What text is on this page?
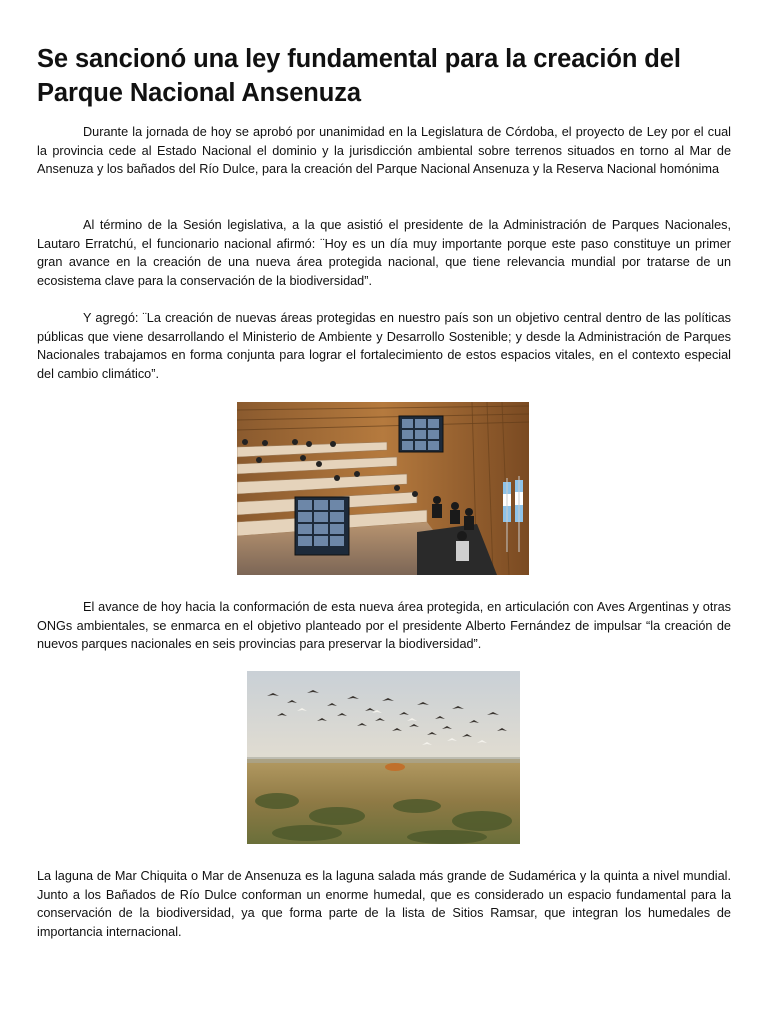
Se sancionó una ley fundamental para la creación del Parque Nacional Ansenuza

Durante la jornada de hoy se aprobó por unanimidad en la Legislatura de Córdoba, el proyecto de Ley por el cual la provincia cede al Estado Nacional el dominio y la jurisdicción ambiental sobre terrenos situados en torno al Mar de Ansenuza y los bañados del Río Dulce, para la creación del Parque Nacional Ansenuza y la Reserva Nacional homónima

Al término de la Sesión legislativa, a la que asistió el presidente de la Administración de Parques Nacionales, Lautaro Erratchú, el funcionario nacional afirmó: ¨Hoy es un día muy importante porque este paso constituye un primer gran avance en la creación de una nueva área protegida nacional, que tiene relevancia mundial por tratarse de un ecosistema clave para la conservación de la biodiversidad”.

Y agregó: ¨La creación de nuevas áreas protegidas en nuestro país son un objetivo central dentro de las políticas públicas que viene desarrollando el Ministerio de Ambiente y Desarrollo Sostenible; y desde la Administración de Parques Nacionales trabajamos en forma conjunta para lograr el fortalecimiento de estos espacios vitales, en el contexto especial del cambio climático”.

El avance de hoy hacia la conformación de esta nueva área protegida, en articulación con Aves Argentinas y otras ONGs ambientales, se enmarca en el objetivo planteado por el presidente Alberto Fernández de impulsar “la creación de nuevos parques nacionales en seis provincias para preservar la biodiversidad”.

La laguna de Mar Chiquita o Mar de Ansenuza es la laguna salada más grande de Sudamérica y la quinta a nivel mundial. Junto a los Bañados de Río Dulce conforman un enorme humedal, que es considerado un espacio fundamental para la conservación de la biodiversidad, ya que forma parte de la lista de Sitios Ramsar, que integran los humedales de importancia internacional.
